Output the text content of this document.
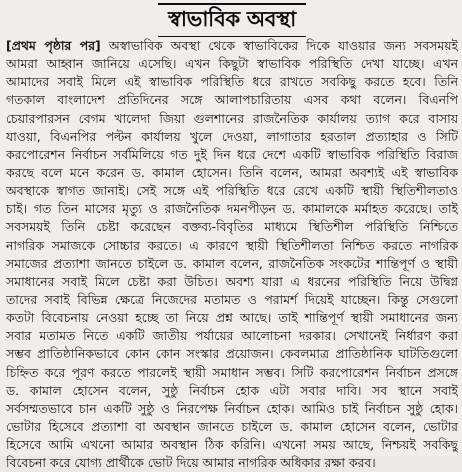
স্বাভাবিক অবস্থা
[প্রথম পৃষ্ঠার পর] অস্বাভাবিক অবস্থা থেকে স্বাভাবিকের দিকে যাওয়ার জন্য সবসময়ই
আমরা আহ্বান জানিয়ে এসেছি। এখন কিছুটা স্বাভাবিক পরিস্থিতি দেখা যাচ্ছে। এখন
আমাদের সবাই মিলে এই স্বাভাবিক পরিস্থিতি ধরে রাখতে সবকিছু করতে হবে। তিনি
গতকাল বাংলাদেশ প্রতিদিনের সঙ্গে আলাপচারিতায় এসব কথা বলেন। বিএনপি
চেয়ারপারসন বেগম খালেদা জিয়া গুলশানের রাজনৈতিক কার্যালয় ত্যাগ করে বাসায়
যাওয়া, বিএনপির পল্টন কার্যালয় খুলে দেওয়া, লাগাতার হরতাল প্রত্যাহার ও সিটি
করপোরেশন নির্বাচন সর্বমিলিয়ে গত দুই দিন ধরে দেশে একটি স্বাভাবিক পরিস্থিতি বিরাজ
করছে বলে মনে করেন ড. কামাল হোসেন। তিনি বলেন, আমরা অবশ্যই এই স্বাভাবিক
অবস্থাকে স্বাগত জানাই। সেই সঙ্গে এই পরিস্থিতি ধরে রেখে একটি স্থায়ী স্থিতিশীলতাও
চাই। গত তিন মাসের মৃত্যু ও রাজনৈতিক দমনপীড়ন ড. কামালকে মর্মাহত করেছে। তাই
সবসময়ই তিনি চেষ্টা করেছেন বক্তব্য-বিবৃতির মাধ্যমে স্থিতিশীল পরিস্থিতি নিশ্চিতে
নাগরিক সমাজকে সোচ্চার করতে। এ কারণে স্থায়ী স্থিতিশীলতা নিশ্চিত করতে নাগরিক
সমাজের প্রত্যাশা জানতে চাইলে ড. কামাল বলেন, রাজনৈতিক সংকটের শান্তিপূর্ণ ও স্থায়ী
সমাধানের সবাই মিলে চেষ্টা করা উচিত। অবশ্য যারা এ ধরনের পরিস্থিতি নিয়ে উদ্বিগ্ন
তাদের সবাই বিভিন্ন ক্ষেত্রে নিজেদের মতামত ও পরামর্শ দিয়েই যাচ্ছেন। কিন্তু সেগুলো
কতটা বিবেচনায় নেওয়া হচ্ছে তা নিয়ে প্রশ্ন আছে। তাই শান্তিপূর্ণ স্থায়ী সমাধানের জন্য
সবার মতামত নিতে একটি জাতীয় পর্যায়ের আলোচনা দরকার। সেখানেই নির্ধারণ করা
সম্ভব প্রাতিষ্ঠানিকভাবে কোন কোন সংস্কার প্রয়োজন। কেবলমাত্র প্রাতিষ্ঠানিক ঘাটতিগুলো
চিহ্নিত করে পূরণ করতে পারলেই স্থায়ী সমাধান সম্ভব। সিটি করপোরেশন নির্বাচন প্রসঙ্গে
ড. কামাল হোসেন বলেন, সুষ্ঠু নির্বাচন হোক এটা সবার দাবি। সব স্থানে সবাই
সর্বসম্মতভাবে চান একটি সুষ্ঠু ও নিরপেক্ষ নির্বাচন হোক। আমিও চাই নির্বাচন সুষ্ঠু হোক।
ভোটার হিসেবে প্রত্যাশা বা অবস্থান জানতে চাইলে ড. কামাল হোসেন বলেন, ভোটার
হিসেবে আমি এখনো আমার অবস্থান ঠিক করিনি। এখনো সময় আছে, নিশ্চয়ই সবকিছু
বিবেচনা করে যোগ্য প্রার্থীকে ভোট দিয়ে আমার নাগরিক অধিকার রক্ষা করব।
